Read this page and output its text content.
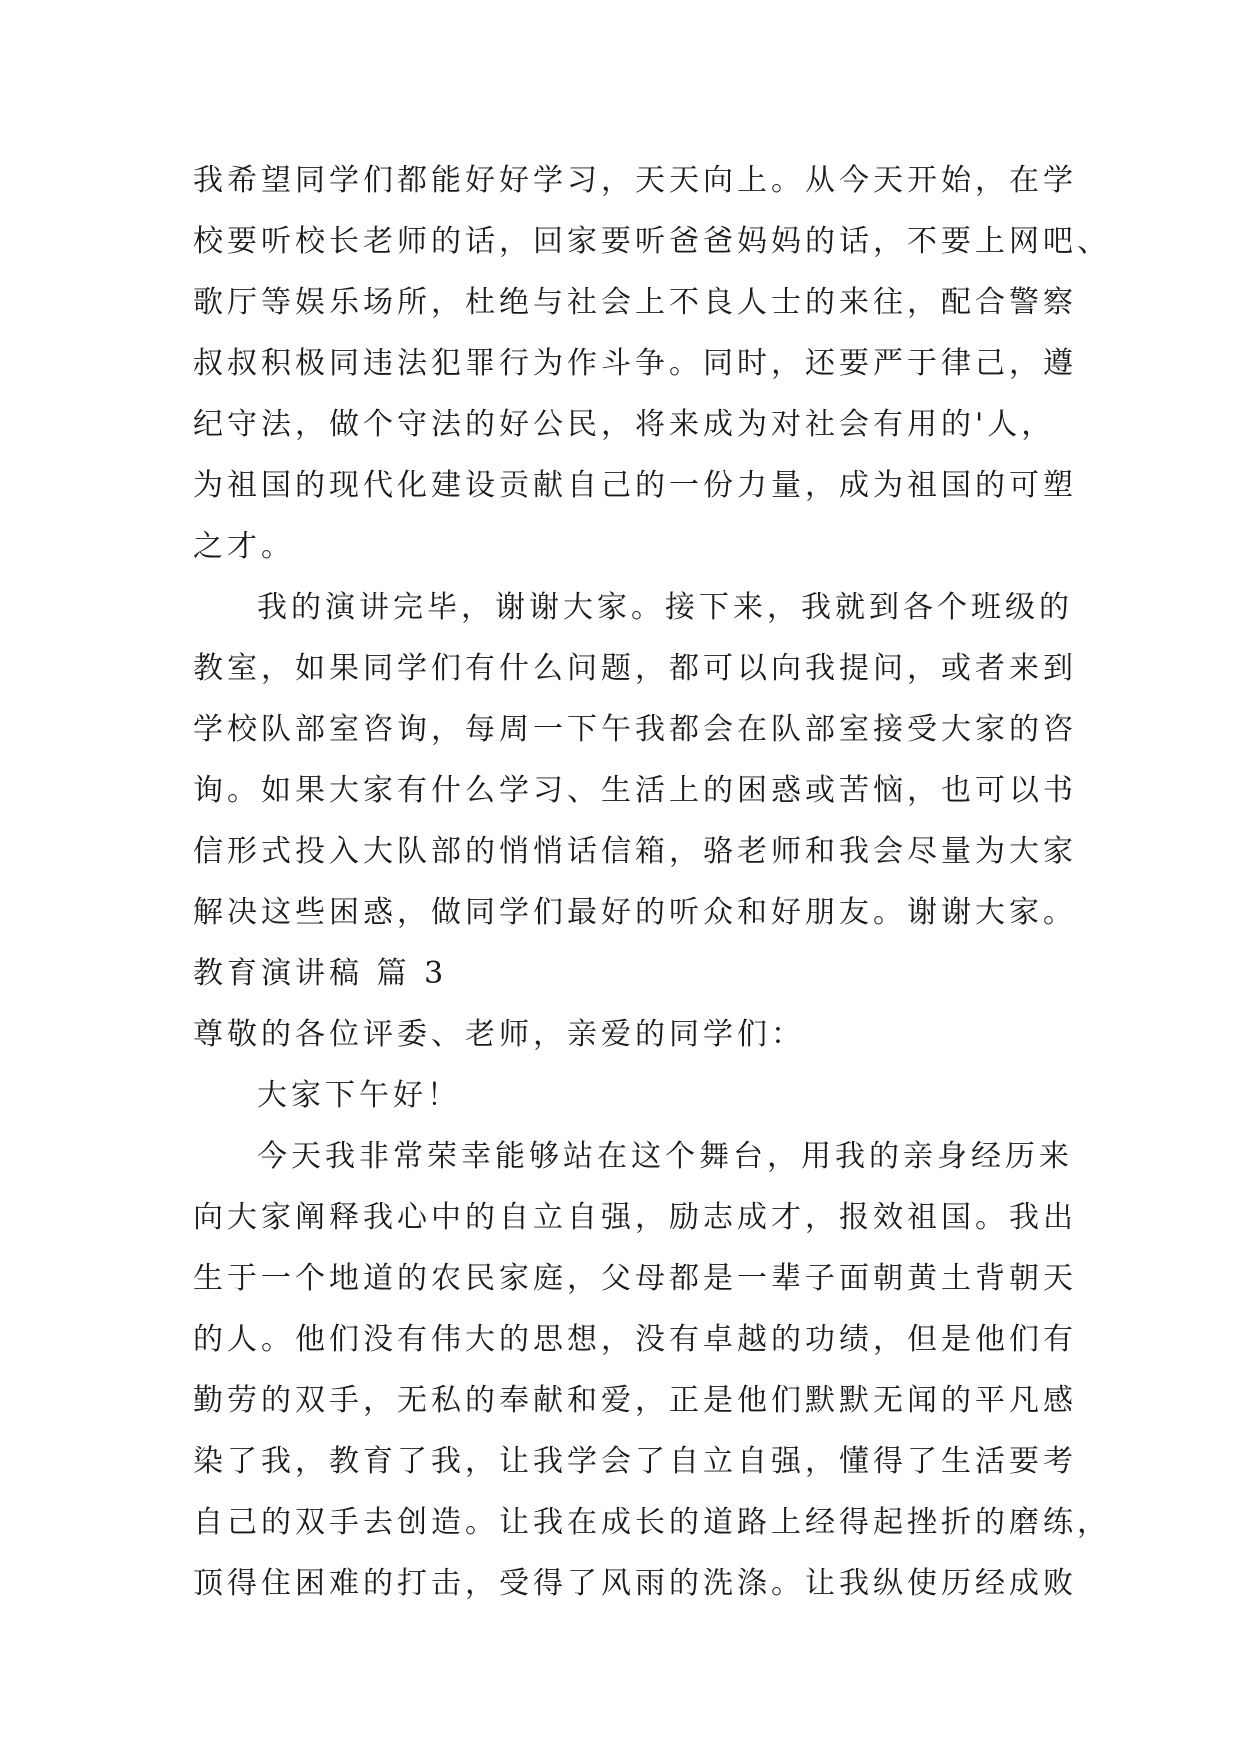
我希望同学们都能好好学习，天天向上。从今天开始，在学
校要听校长老师的话，回家要听爸爸妈妈的话，不要上网吧、
歌厅等娱乐场所，杜绝与社会上不良人士的来往，配合警察
叔叔积极同违法犯罪行为作斗争。同时，还要严于律己，遵
纪守法，做个守法的好公民，将来成为对社会有用的'人，
为祖国的现代化建设贡献自己的一份力量，成为祖国的可塑
之才。
我的演讲完毕，谢谢大家。接下来，我就到各个班级的
教室，如果同学们有什么问题，都可以向我提问，或者来到
学校队部室咨询，每周一下午我都会在队部室接受大家的咨
询。如果大家有什么学习、生活上的困惑或苦恼，也可以书
信形式投入大队部的悄悄话信箱，骆老师和我会尽量为大家
解决这些困惑，做同学们最好的听众和好朋友。谢谢大家。
教育演讲稿 篇 3
尊敬的各位评委、老师，亲爱的同学们：
大家下午好！
今天我非常荣幸能够站在这个舞台，用我的亲身经历来
向大家阐释我心中的自立自强，励志成才，报效祖国。我出
生于一个地道的农民家庭，父母都是一辈子面朝黄土背朝天
的人。他们没有伟大的思想，没有卓越的功绩，但是他们有
勤劳的双手，无私的奉献和爱，正是他们默默无闻的平凡感
染了我，教育了我，让我学会了自立自强，懂得了生活要考
自己的双手去创造。让我在成长的道路上经得起挫折的磨练，
顶得住困难的打击，受得了风雨的洗涤。让我纵使历经成败
